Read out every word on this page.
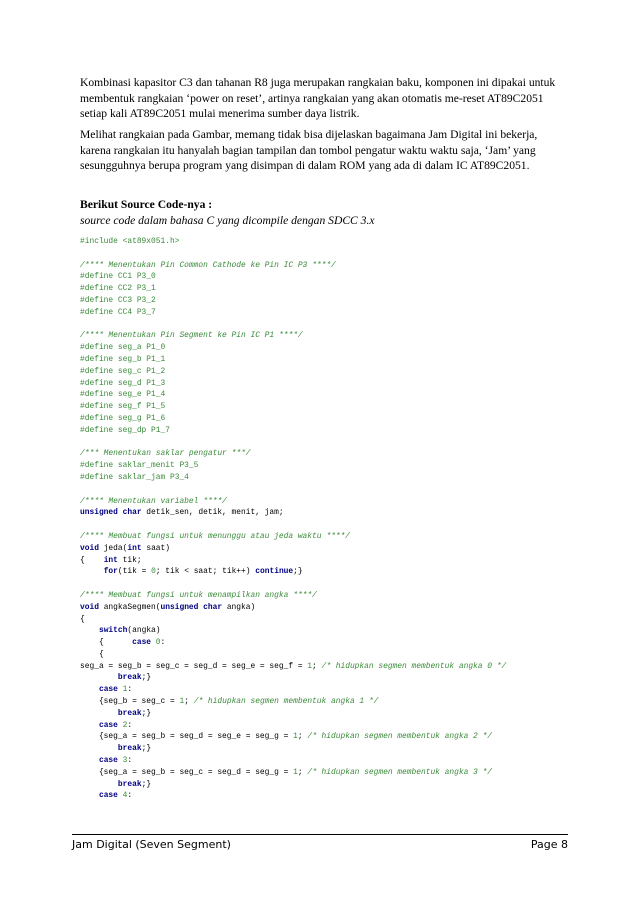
Kombinasi kapasitor C3 dan tahanan R8 juga merupakan rangkaian baku, komponen ini dipakai untuk membentuk rangkaian ‘power on reset’, artinya rangkaian yang akan otomatis me-reset AT89C2051 setiap kali AT89C2051 mulai menerima sumber daya listrik.

Melihat rangkaian pada Gambar, memang tidak bisa dijelaskan bagaimana Jam Digital ini bekerja, karena rangkaian itu hanyalah bagian tampilan dan tombol pengatur waktu waktu saja, ‘Jam’ yang sesungguhnya berupa program yang disimpan di dalam ROM yang ada di dalam IC AT89C2051.

Berikut Source Code-nya :
source code dalam bahasa C yang dicompile dengan SDCC 3.x
#include <at89x051.h>
/**** Menentukan Pin Common Cathode ke Pin IC P3 ****/
#define CC1 P3_0
#define CC2 P3_1
#define CC3 P3_2
#define CC4 P3_7
/**** Menentukan Pin Segment ke Pin IC P1 ****/
#define seg_a P1_0
#define seg_b P1_1
#define seg_c P1_2
#define seg_d P1_3
#define seg_e P1_4
#define seg_f P1_5
#define seg_g P1_6
#define seg_dp P1_7
/*** Menentukan saklar pengatur ***/
#define saklar_menit P3_5
#define saklar_jam P3_4
/**** Menentukan variabel ****/
unsigned char detik_sen, detik, menit, jam;
/**** Membuat fungsi untuk menunggu atau jeda waktu ****/
void jeda(int saat)
{    int tik;
for(tik = 0; tik < saat; tik++) continue;}
/**** Membuat fungsi untuk menampilkan angka ****/
void angkaSegmen(unsigned char angka)
{
switch(angka)
{      case 0:
{
seg_a = seg_b = seg_c = seg_d = seg_e = seg_f = 1; /* hidupkan segmen membentuk angka 0 */
break;}
case 1:
{seg_b = seg_c = 1; /* hidupkan segmen membentuk angka 1 */
break;}
case 2:
{seg_a = seg_b = seg_d = seg_e = seg_g = 1; /* hidupkan segmen membentuk angka 2 */
break;}
case 3:
{seg_a = seg_b = seg_c = seg_d = seg_g = 1; /* hidupkan segmen membentuk angka 3 */
break;}
case 4:
Jam Digital (Seven Segment)	Page 8
